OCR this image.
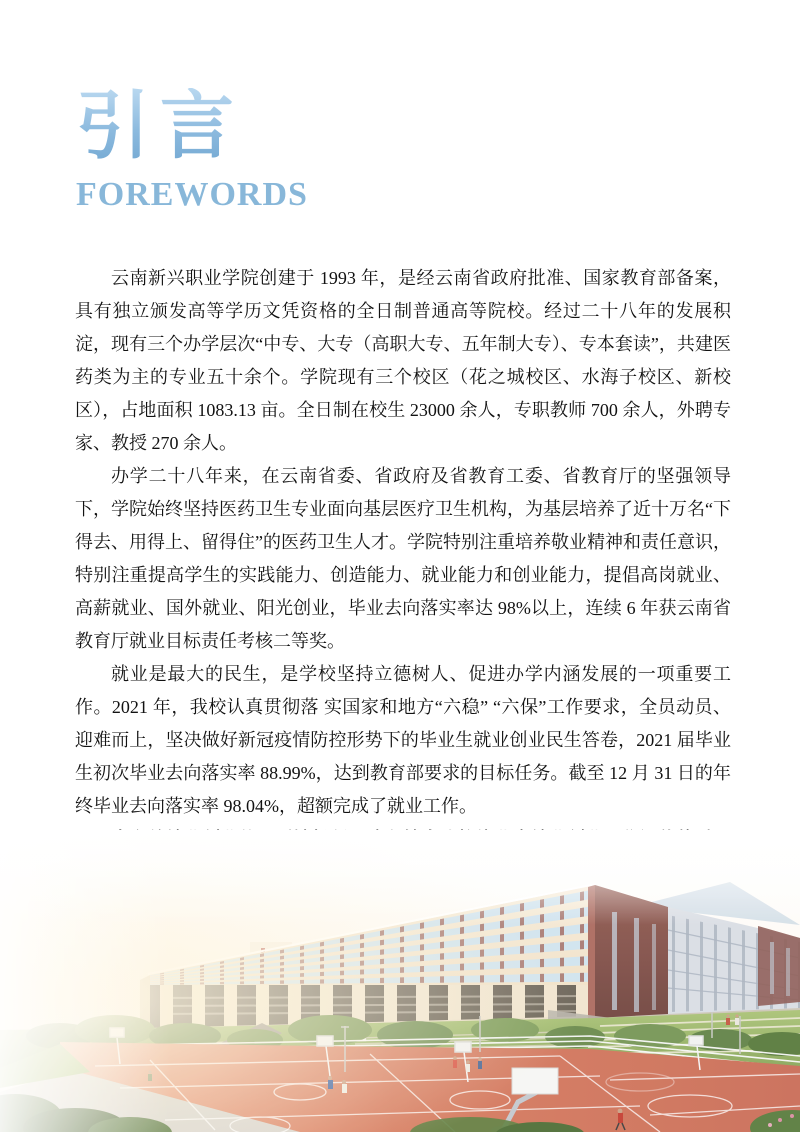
引言
FOREWORDS

云南新兴职业学院创建于 1993 年，是经云南省政府批准、国家教育部备案，具有独立颁发高等学历文凭资格的全日制普通高等院校。经过二十八年的发展积淀，现有三个办学层次“中专、大专（高职大专、五年制大专）、专本套读”，共建医药类为主的专业五十余个。学院现有三个校区（花之城校区、水海子校区、新校区），占地面积 1083.13 亩。全日制在校生 23000 余人，专职教师 700 余人，外聘专家、教授 270 余人。

办学二十八年来，在云南省委、省政府及省教育工委、省教育厅的坚强领导下，学院始终坚持医药卫生专业面向基层医疗卫生机构，为基层培养了近十万名“下得去、用得上、留得住”的医药卫生人才。学院特别注重培养敬业精神和责任意识，特别注重提高学生的实践能力、创造能力、就业能力和创业能力，提倡高岗就业、高薪就业、国外就业、阳光创业，毕业去向落实率达 98%以上，连续 6 年获云南省教育厅就业目标责任考核二等奖。

就业是最大的民生，是学校坚持立德树人、促进办学内涵发展的一项重要工作。2021 年，我校认真贯彻落 实国家和地方“六稳” “六保”工作要求，全员动员、迎难而上，坚决做好新冠疫情防控形势下的毕业生就业创业民生答卷，2021 届毕业生初次毕业去向落实率 88.99%，达到教育部要求的目标任务。截至 12 月 31 日的年终毕业去向落实率 98.04%，超额完成了就业工作。
